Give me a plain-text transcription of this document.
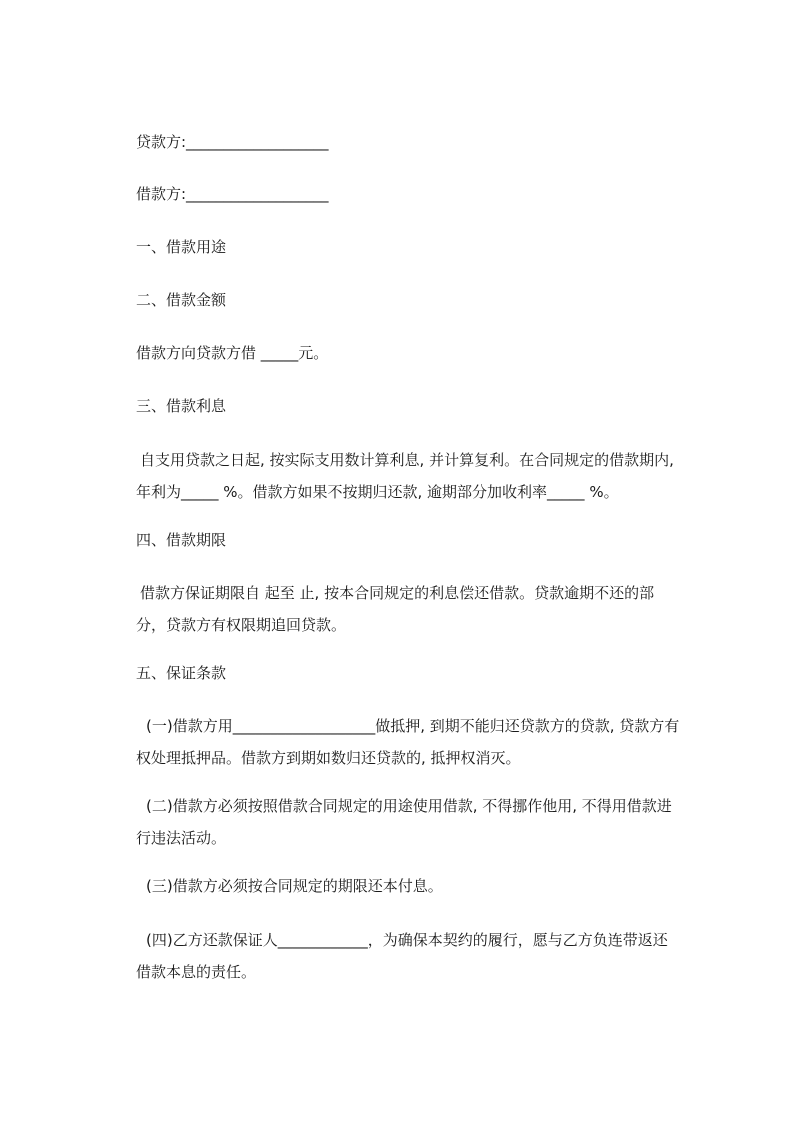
贷款方:___________________
借款方:___________________
一、借款用途
二、借款金额
借款方向贷款方借 _____元。
三、借款利息
自支用贷款之日起, 按实际支用数计算利息, 并计算复利。在合同规定的借款期内,
年利为_____ %。借款方如果不按期归还款, 逾期部分加收利率_____ %。
四、借款期限
借款方保证期限自 起至 止, 按本合同规定的利息偿还借款。贷款逾期不还的部
分，贷款方有权限期追回贷款。
五、保证条款
(一)借款方用___________________做抵押, 到期不能归还贷款方的贷款, 贷款方有
权处理抵押品。借款方到期如数归还贷款的, 抵押权消灭。
(二)借款方必须按照借款合同规定的用途使用借款, 不得挪作他用, 不得用借款进
行违法活动。
(三)借款方必须按合同规定的期限还本付息。
(四)乙方还款保证人____________，为确保本契约的履行，愿与乙方负连带返还
借款本息的责任。
